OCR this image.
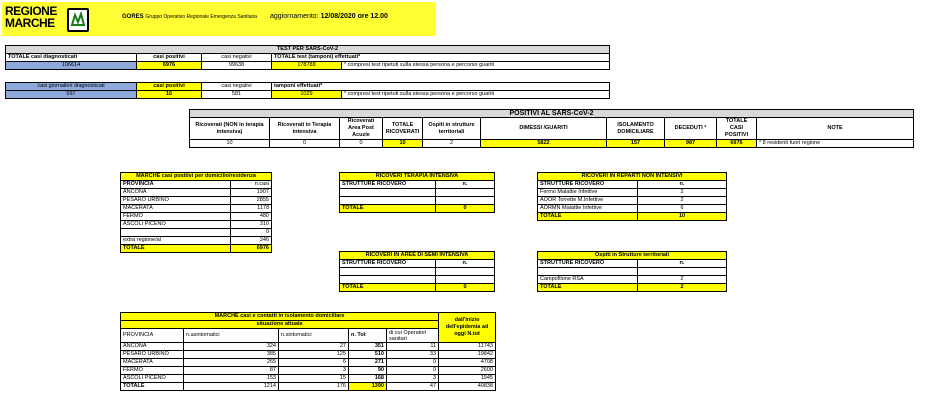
REGIONE
MARCHE	GORES Gruppo Operativo Regionale Emergenza Sanitaria aggiornamento: 12/08/2020 ore 12.00
TEST PER SARS-CoV-2				
TOTALE casi diagnosticati	casi positivi	casi negativi	TOTALE test (tamponi) effettuati*	
106614	6976	99638	178788	* compresi test ripetuti sulla stessa persona e percorso guariti
casi giornalieri diagnosticati	casi positivi	casi negativi	tamponi effettuati*	
597	16	581	1029	* compresi test ripetuti sulla stessa persona e percorso guariti
POSITIVI AL SARS-CoV-2									
Ricoverati (NON in terapia intensiva)	Ricoverati in Terapia intensiva	Ricoverati Area Post Acuzie	TOTALE RICOVERATI	Ospiti in strutture territoriali	DIMESSI /GUARITI	ISOLAMENTO DOMICILIARE	DECEDUTI *	TOTALE CASI POSITIVI	NOTE
10	0	0	10	2	5822	157	987	6976	* 8 residenti fuori regione
MARCHE casi positivi per domicilio/residenza	
PROVINCIA	n.casi
ANCONA	1907
PESARO URBINO	2855
MACERATA	1178
FERMO	480
ASCOLI PICENO	310
	0
extra regione/al	246
TOTALE	6976
RICOVERI TERAPIA INTENSIVA	
STRUTTURE RICOVERO	n.

TOTALE	0
RICOVERI IN AREE DI SEMI INTENSIVA	
STRUTTURE RICOVERO	n.

TOTALE	0
RICOVERI IN REPARTI NON INTENSIVI	
STRUTTURE RICOVERO	n.
Fermo Malattie Infettive	2
AOOR Torrette M.Infettive	2
AORMN Malattie Infettive	6
TOTALE	10
Ospiti in Strutture territoriali	
STRUTTURE RICOVERO	n.

Campofilone RSA	2
TOTALE	2
MARCHE casi e contatti in isolamento domiciliare					dall'inizio dell'epidemia ad oggi N.tot
situazione attuale					
PROVINCIA	n.asintomatici	n.sintomatici	n. Tot	di cui Operatori sanitari	
ANCONA	324	27	351	11	11743
PESARO URBINO	385	125	510	33	19842
MACERATA	265	6	271	0	4708
FERMO	87	3	90	0	2600
ASCOLI PICENO	153	15	168	3	1945
TOTALE	1214	176	1390	47	40838
